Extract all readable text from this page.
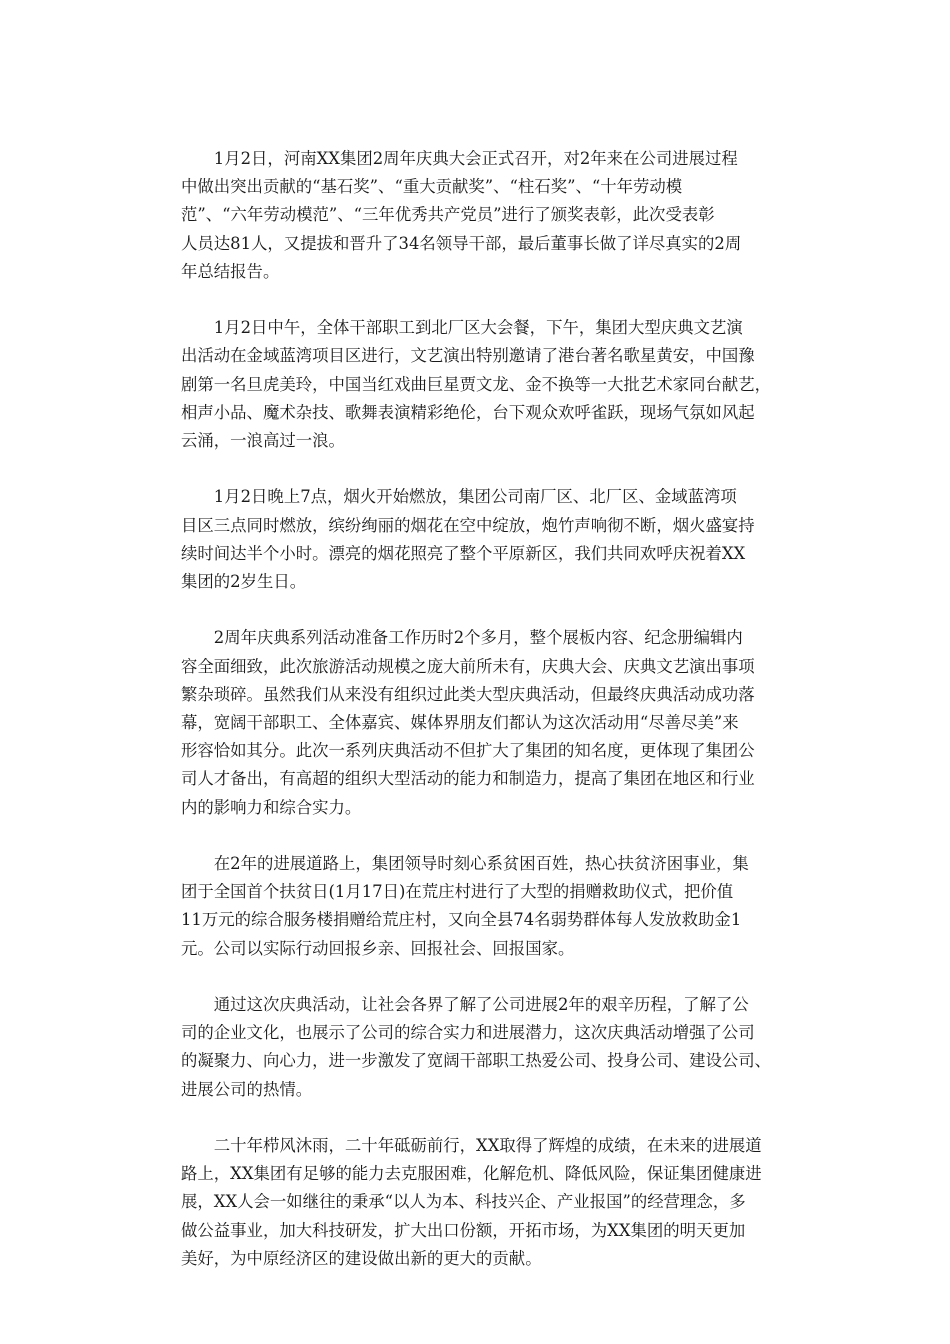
1月2日，河南XX集团2周年庆典大会正式召开，对2年来在公司进展过程
中做出突出贡献的“基石奖”、“重大贡献奖”、“柱石奖”、“十年劳动模
范”、“六年劳动模范”、“三年优秀共产党员”进行了颁奖表彰，此次受表彰
人员达81人，又提拔和晋升了34名领导干部，最后董事长做了详尽真实的2周
年总结报告。

1月2日中午，全体干部职工到北厂区大会餐，下午，集团大型庆典文艺演
出活动在金域蓝湾项目区进行，文艺演出特别邀请了港台著名歌星黄安，中国豫
剧第一名旦虎美玲，中国当红戏曲巨星贾文龙、金不换等一大批艺术家同台献艺，
相声小品、魔术杂技、歌舞表演精彩绝伦，台下观众欢呼雀跃，现场气氛如风起
云涌，一浪高过一浪。

1月2日晚上7点，烟火开始燃放，集团公司南厂区、北厂区、金域蓝湾项
目区三点同时燃放，缤纷绚丽的烟花在空中绽放，炮竹声响彻不断，烟火盛宴持
续时间达半个小时。漂亮的烟花照亮了整个平原新区，我们共同欢呼庆祝着XX
集团的2岁生日。

2周年庆典系列活动准备工作历时2个多月，整个展板内容、纪念册编辑内
容全面细致，此次旅游活动规模之庞大前所未有，庆典大会、庆典文艺演出事项
繁杂琐碎。虽然我们从来没有组织过此类大型庆典活动，但最终庆典活动成功落
幕，宽阔干部职工、全体嘉宾、媒体界朋友们都认为这次活动用“尽善尽美”来
形容恰如其分。此次一系列庆典活动不但扩大了集团的知名度，更体现了集团公
司人才备出，有高超的组织大型活动的能力和制造力，提高了集团在地区和行业
内的影响力和综合实力。

在2年的进展道路上，集团领导时刻心系贫困百姓，热心扶贫济困事业，集
团于全国首个扶贫日(1月17日)在荒庄村进行了大型的捐赠救助仪式，把价值
11万元的综合服务楼捐赠给荒庄村，又向全县74名弱势群体每人发放救助金1
元。公司以实际行动回报乡亲、回报社会、回报国家。

通过这次庆典活动，让社会各界了解了公司进展2年的艰辛历程，了解了公
司的企业文化，也展示了公司的综合实力和进展潜力，这次庆典活动增强了公司
的凝聚力、向心力，进一步激发了宽阔干部职工热爱公司、投身公司、建设公司、
进展公司的热情。

二十年栉风沐雨，二十年砥砺前行，XX取得了辉煌的成绩，在未来的进展道
路上，XX集团有足够的能力去克服困难，化解危机、降低风险，保证集团健康进
展，XX人会一如继往的秉承“以人为本、科技兴企、产业报国”的经营理念，多
做公益事业，加大科技研发，扩大出口份额，开拓市场，为XX集团的明天更加
美好，为中原经济区的建设做出新的更大的贡献。
